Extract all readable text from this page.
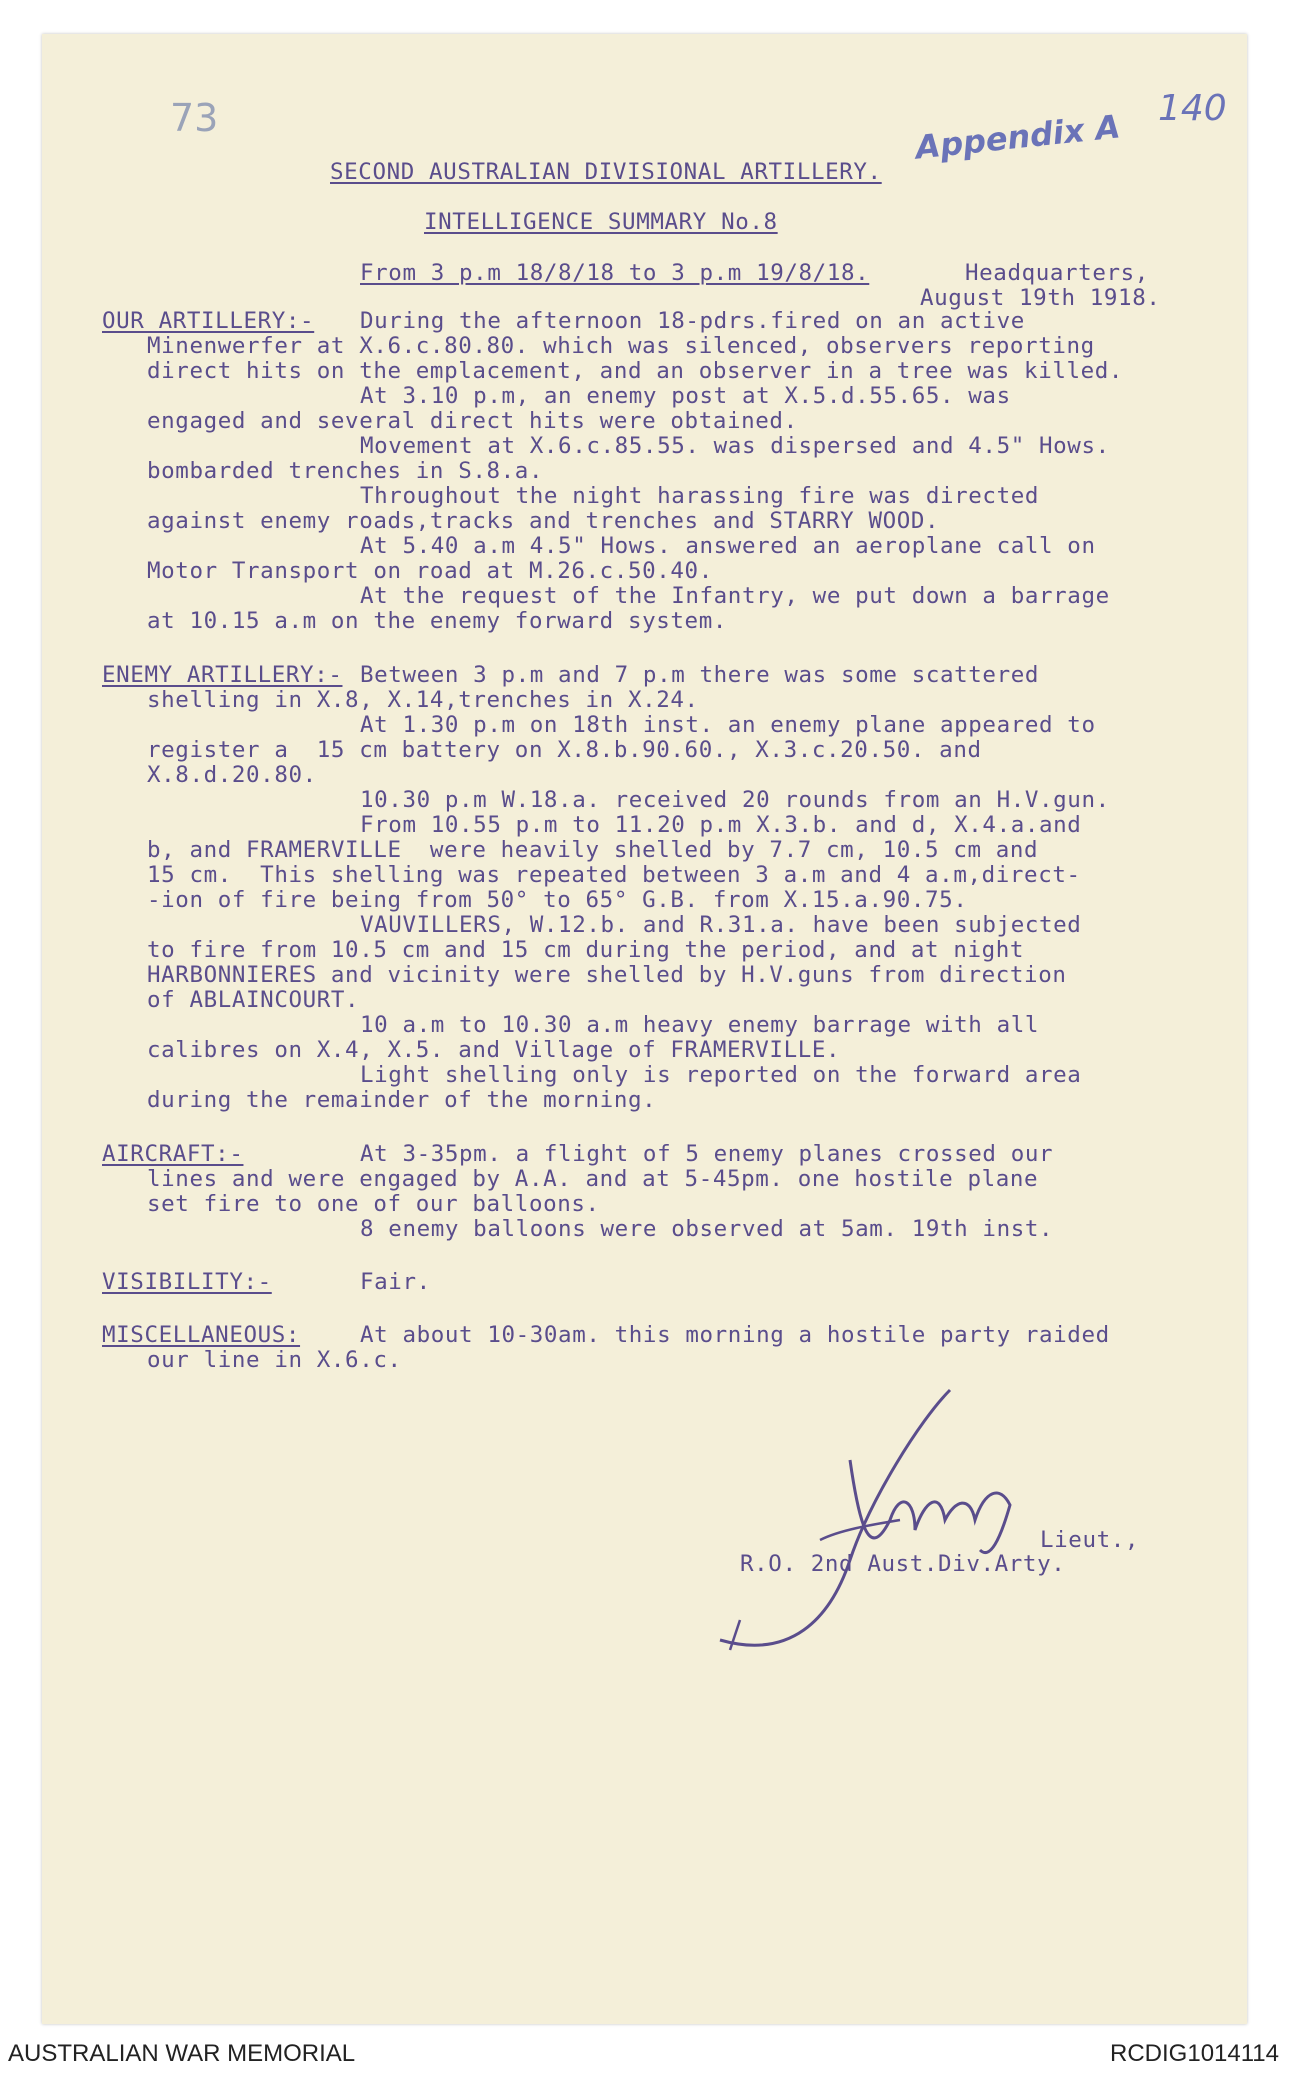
73	Appendix A 140
SECOND AUSTRALIAN DIVISIONAL ARTILLERY.
INTELLIGENCE SUMMARY No.8
From 3 p.m 18/8/18 to 3 p.m 19/8/18.	Headquarters,
August 19th 1918.
OUR ARTILLERY:- During the afternoon 18-pdrs.fired on an active
Minenwerfer at X.6.c.80.80. which was silenced, observers reporting
direct hits on the emplacement, and an observer in a tree was killed.
At 3.10 p.m, an enemy post at X.5.d.55.65. was
engaged and several direct hits were obtained.
Movement at X.6.c.85.55. was dispersed and 4.5" Hows.
bombarded trenches in S.8.a.
Throughout the night harassing fire was directed
against enemy roads,tracks and trenches and STARRY WOOD.
At 5.40 a.m 4.5" Hows. answered an aeroplane call on
Motor Transport on road at M.26.c.50.40.
At the request of the Infantry, we put down a barrage
at 10.15 a.m on the enemy forward system.
ENEMY ARTILLERY:- Between 3 p.m and 7 p.m there was some scattered
shelling in X.8, X.14,trenches in X.24.
At 1.30 p.m on 18th inst. an enemy plane appeared to
register a  15 cm battery on X.8.b.90.60., X.3.c.20.50. and
X.8.d.20.80.
10.30 p.m W.18.a. received 20 rounds from an H.V.gun.
From 10.55 p.m to 11.20 p.m X.3.b. and d, X.4.a.and
b, and FRAMERVILLE  were heavily shelled by 7.7 cm, 10.5 cm and
15 cm.  This shelling was repeated between 3 a.m and 4 a.m,direct-
-ion of fire being from 50° to 65° G.B. from X.15.a.90.75.
VAUVILLERS, W.12.b. and R.31.a. have been subjected
to fire from 10.5 cm and 15 cm during the period, and at night
HARBONNIERES and vicinity were shelled by H.V.guns from direction
of ABLAINCOURT.
10 a.m to 10.30 a.m heavy enemy barrage with all
calibres on X.4, X.5. and Village of FRAMERVILLE.
Light shelling only is reported on the forward area
during the remainder of the morning.
AIRCRAFT:-	At 3-35pm. a flight of 5 enemy planes crossed our
lines and were engaged by A.A. and at 5-45pm. one hostile plane
set fire to one of our balloons.
8 enemy balloons were observed at 5am. 19th inst.
VISIBILITY:-	Fair.
MISCELLANEOUS:	At about 10-30am. this morning a hostile party raided
our line in X.6.c.
Lieut.,
R.O. 2nd Aust.Div.Arty.
AUSTRALIAN WAR MEMORIAL	RCDIG1014114
